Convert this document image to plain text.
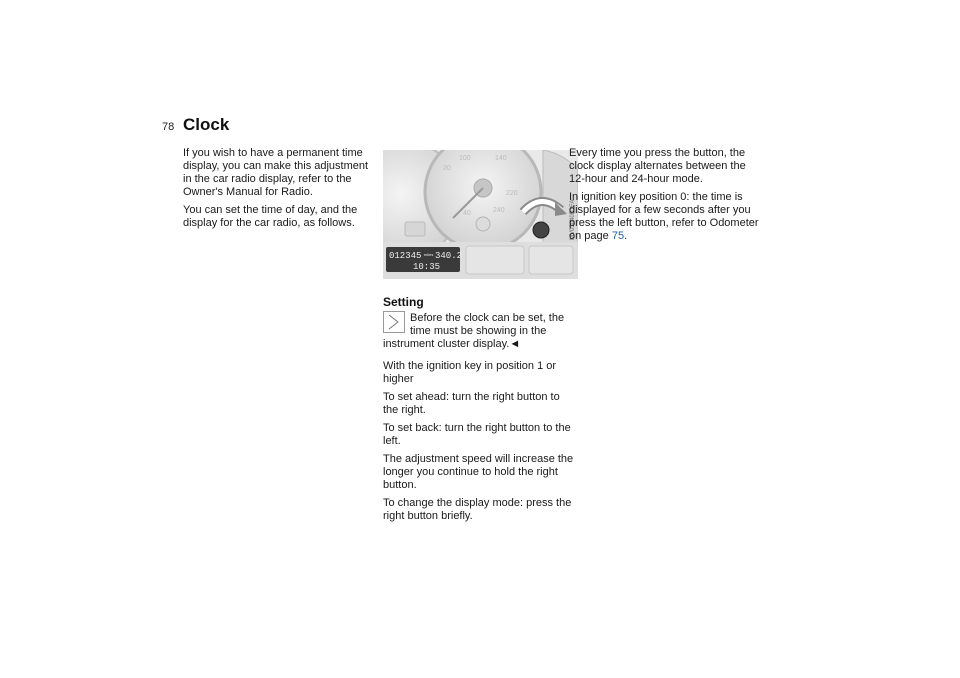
78 Clock

If you wish to have a permanent time
display, you can make this adjustment
in the car radio display, refer to the
Owner's Manual for Radio.

You can set the time of day, and the
display for the car radio, as follows.

40	240
220
20
140
100
012345 miles 340.2
10:35
MV03040B1FA
Setting
Before the clock can be set, the
time must be showing in the
instrument cluster display.◄

With the ignition key in position 1 or
higher

To set ahead: turn the right button to
the right.

To set back: turn the right button to the
left.

The adjustment speed will increase the
longer you continue to hold the right
button.

To change the display mode: press the
right button briefly.

Every time you press the button, the
clock display alternates between the
12-hour and 24-hour mode.

In ignition key position 0: the time is
displayed for a few seconds after you
press the left button, refer to Odometer
on page 75.
